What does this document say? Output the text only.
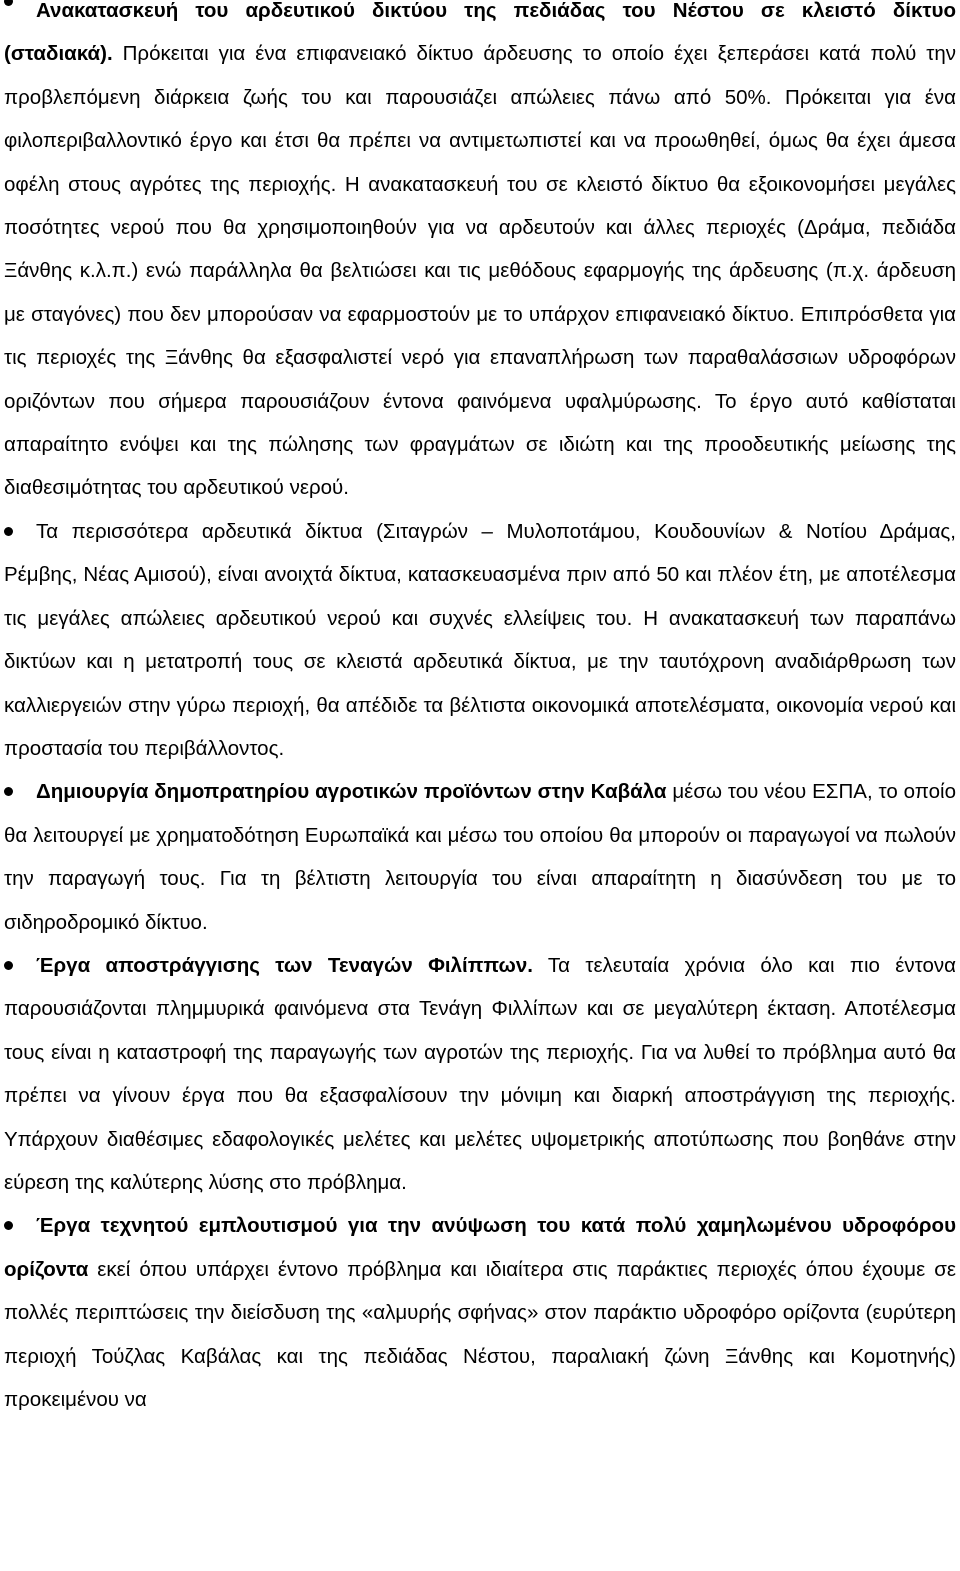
Ανακατασκευή του αρδευτικού δικτύου της πεδιάδας του Νέστου σε κλειστό δίκτυο (σταδιακά). Πρόκειται για ένα επιφανειακό δίκτυο άρδευσης το οποίο έχει ξεπεράσει κατά πολύ την προβλεπόμενη διάρκεια ζωής του και παρουσιάζει απώλειες πάνω από 50%. Πρόκειται για ένα φιλοπεριβαλλοντικό έργο και έτσι θα πρέπει να αντιμετωπιστεί και να προωθηθεί, όμως θα έχει άμεσα οφέλη στους αγρότες της περιοχής. Η ανακατασκευή του σε κλειστό δίκτυο θα εξοικονομήσει μεγάλες ποσότητες νερού που θα χρησιμοποιηθούν για να αρδευτούν και άλλες περιοχές (Δράμα, πεδιάδα Ξάνθης κ.λ.π.) ενώ παράλληλα θα βελτιώσει και τις μεθόδους εφαρμογής της άρδευσης (π.χ. άρδευση με σταγόνες) που δεν μπορούσαν να εφαρμοστούν με το υπάρχον επιφανειακό δίκτυο. Επιπρόσθετα για τις περιοχές της Ξάνθης θα εξασφαλιστεί νερό για επαναπλήρωση των παραθαλάσσιων υδροφόρων οριζόντων που σήμερα παρουσιάζουν έντονα φαινόμενα υφαλμύρωσης. Το έργο αυτό καθίσταται απαραίτητο ενόψει και της πώλησης των φραγμάτων σε ιδιώτη και της προοδευτικής μείωσης της διαθεσιμότητας του αρδευτικού νερού.

Τα περισσότερα αρδευτικά δίκτυα (Σιταγρών – Μυλοποτάμου, Κουδουνίων & Νοτίου Δράμας, Ρέμβης, Νέας Αμισού), είναι ανοιχτά δίκτυα, κατασκευασμένα πριν από 50 και πλέον έτη, με αποτέλεσμα τις μεγάλες απώλειες αρδευτικού νερού και συχνές ελλείψεις του. Η ανακατασκευή των παραπάνω δικτύων και η μετατροπή τους σε κλειστά αρδευτικά δίκτυα, με την ταυτόχρονη αναδιάρθρωση των καλλιεργειών στην γύρω περιοχή, θα απέδιδε τα βέλτιστα οικονομικά αποτελέσματα, οικονομία νερού και προστασία του περιβάλλοντος.

Δημιουργία δημοπρατηρίου αγροτικών προϊόντων στην Καβάλα μέσω του νέου ΕΣΠΑ, το οποίο θα λειτουργεί με χρηματοδότηση Ευρωπαϊκά και μέσω του οποίου θα μπορούν οι παραγωγοί να πωλούν την παραγωγή τους. Για τη βέλτιστη λειτουργία του είναι απαραίτητη η διασύνδεση του με το σιδηροδρομικό δίκτυο.

Έργα αποστράγγισης των Τεναγών Φιλίππων. Τα τελευταία χρόνια όλο και πιο έντονα παρουσιάζονται πλημμυρικά φαινόμενα στα Τενάγη Φιλλίπων και σε μεγαλύτερη έκταση. Αποτέλεσμα τους είναι η καταστροφή της παραγωγής των αγροτών της περιοχής. Για να λυθεί το πρόβλημα αυτό θα πρέπει να γίνουν έργα που θα εξασφαλίσουν την μόνιμη και διαρκή αποστράγγιση της περιοχής. Υπάρχουν διαθέσιμες εδαφολογικές μελέτες και μελέτες υψομετρικής αποτύπωσης που βοηθάνε στην εύρεση της καλύτερης λύσης στο πρόβλημα.

Έργα τεχνητού εμπλουτισμού για την ανύψωση του κατά πολύ χαμηλωμένου υδροφόρου ορίζοντα εκεί όπου υπάρχει έντονο πρόβλημα και ιδιαίτερα στις παράκτιες περιοχές όπου έχουμε σε πολλές περιπτώσεις την διείσδυση της «αλμυρής σφήνας» στον παράκτιο υδροφόρο ορίζοντα (ευρύτερη περιοχή Τούζλας Καβάλας και της πεδιάδας Νέστου, παραλιακή ζώνη Ξάνθης και Κομοτηνής) προκειμένου να
